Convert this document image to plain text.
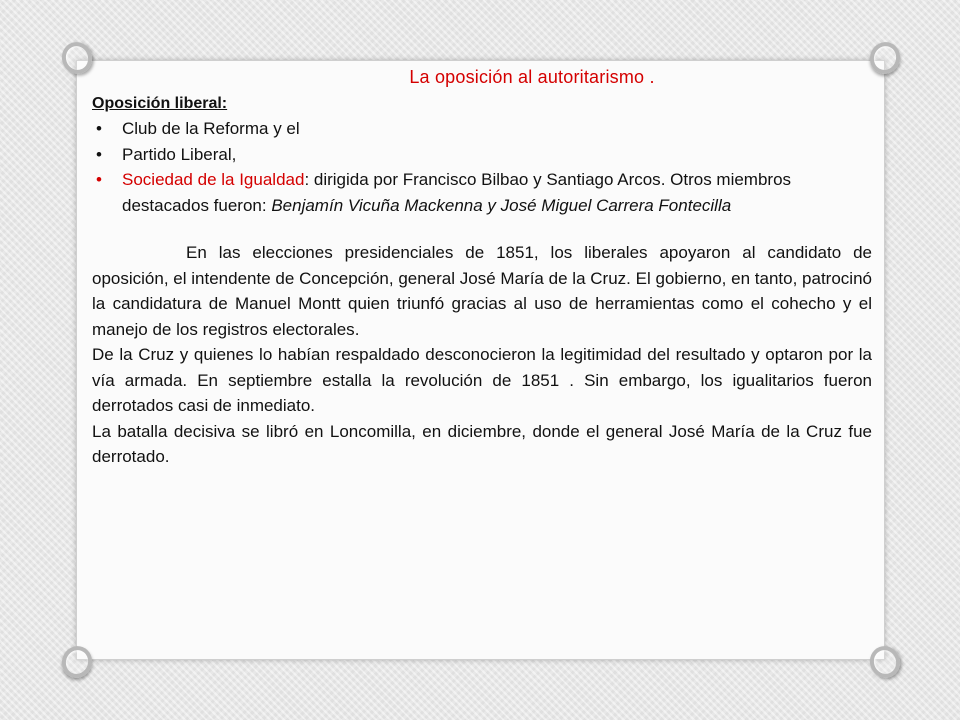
La oposición al autoritarismo .
Oposición liberal:
• Club de la Reforma y el
• Partido Liberal,
• Sociedad de la Igualdad: dirigida por Francisco Bilbao y Santiago Arcos. Otros miembros destacados fueron: Benjamín Vicuña Mackenna y José Miguel Carrera Fontecilla

En las elecciones presidenciales de 1851, los liberales apoyaron al candidato de oposición, el intendente de Concepción, general José María de la Cruz. El gobierno, en tanto, patrocinó la candidatura de Manuel Montt quien triunfó gracias al uso de herramientas como el cohecho y el manejo de los registros electorales.

De la Cruz y quienes lo habían respaldado desconocieron la legitimidad del resultado y optaron por la vía armada. En septiembre estalla la revolución de 1851 . Sin embargo, los igualitarios fueron derrotados casi de inmediato.

La batalla decisiva se libró en Loncomilla, en diciembre, donde el general José María de la Cruz fue derrotado.
